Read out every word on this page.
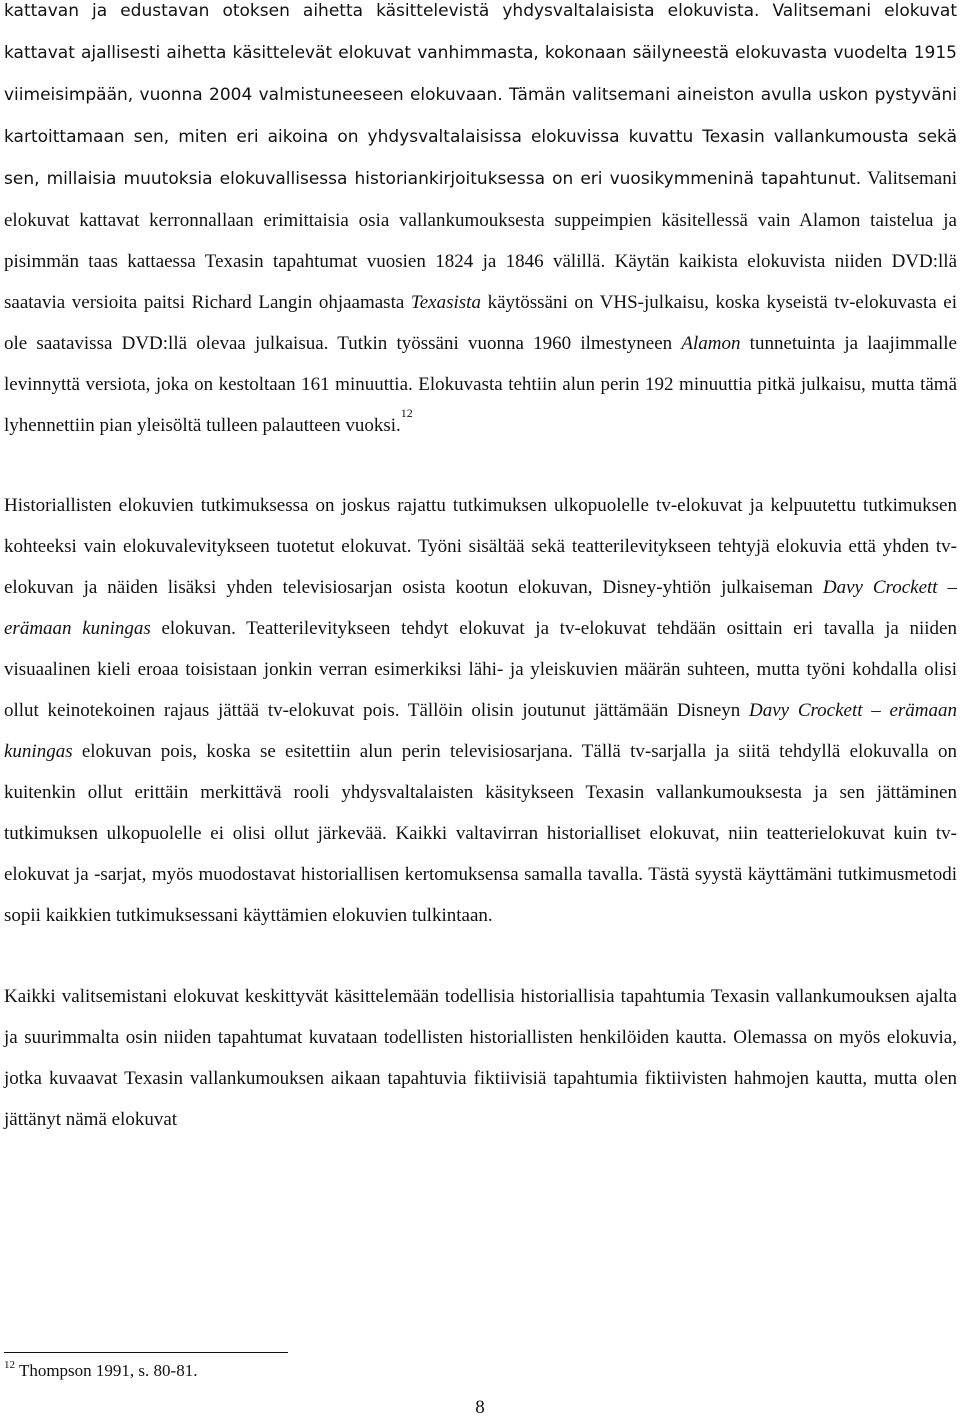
kattavan ja edustavan otoksen aihetta käsittelevistä yhdysvaltalaisista elokuvista. Valitsemani elokuvat kattavat ajallisesti aihetta käsittelevät elokuvat vanhimmasta, kokonaan säilyneestä elokuvasta vuodelta 1915 viimeisimpään, vuonna 2004 valmistuneeseen elokuvaan. Tämän valitsemani aineiston avulla uskon pystyväni kartoittamaan sen, miten eri aikoina on yhdysvaltalaisissa elokuvissa kuvattu Texasin vallankumousta sekä sen, millaisia muutoksia elokuvallisessa historiankirjoituksessa on eri vuosikymmeninä tapahtunut. Valitsemani elokuvat kattavat kerronnallaan erimittaisia osia vallankumouksesta suppeimpien käsitellessä vain Alamon taistelua ja pisimmän taas kattaessa Texasin tapahtumat vuosien 1824 ja 1846 välillä. Käytän kaikista elokuvista niiden DVD:llä saatavia versioita paitsi Richard Langin ohjaamasta Texasista käytössäni on VHS-julkaisu, koska kyseistä tv-elokuvasta ei ole saatavissa DVD:llä olevaa julkaisua. Tutkin työssäni vuonna 1960 ilmestyneen Alamon tunnetuinta ja laajimmalle levinnyttä versiota, joka on kestoltaan 161 minuuttia. Elokuvasta tehtiin alun perin 192 minuuttia pitkä julkaisu, mutta tämä lyhennettiin pian yleisöltä tulleen palautteen vuoksi.$^{12}$

Historiallisten elokuvien tutkimuksessa on joskus rajattu tutkimuksen ulkopuolelle tv-elokuvat ja kelpuutettu tutkimuksen kohteeksi vain elokuvalevitykseen tuotetut elokuvat. Työni sisältää sekä teatterilevitykseen tehtyjä elokuvia että yhden tv-elokuvan ja näiden lisäksi yhden televisiosarjan osista kootun elokuvan, Disney-yhtiön julkaiseman Davy Crockett – erämaan kuningas elokuvan. Teatterilevitykseen tehdyt elokuvat ja tv-elokuvat tehdään osittain eri tavalla ja niiden visuaalinen kieli eroaa toisistaan jonkin verran esimerkiksi lähi- ja yleiskuvien määrän suhteen, mutta työni kohdalla olisi ollut keinotekoinen rajaus jättää tv-elokuvat pois. Tällöin olisin joutunut jättämään Disneyn Davy Crockett – erämaan kuningas elokuvan pois, koska se esitettiin alun perin televisiosarjana. Tällä tv-sarjalla ja siitä tehdyllä elokuvalla on kuitenkin ollut erittäin merkittävä rooli yhdysvaltalaisten käsitykseen Texasin vallankumouksesta ja sen jättäminen tutkimuksen ulkopuolelle ei olisi ollut järkevää. Kaikki valtavirran historialliset elokuvat, niin teatterielokuvat kuin tv-elokuvat ja -sarjat, myös muodostavat historiallisen kertomuksensa samalla tavalla. Tästä syystä käyttämäni tutkimusmetodi sopii kaikkien tutkimuksessani käyttämien elokuvien tulkintaan.

Kaikki valitsemistani elokuvat keskittyvät käsittelemään todellisia historiallisia tapahtumia Texasin vallankumouksen ajalta ja suurimmalta osin niiden tapahtumat kuvataan todellisten historiallisten henkilöiden kautta. Olemassa on myös elokuvia, jotka kuvaavat Texasin vallankumouksen aikaan tapahtuvia fiktiivisiä tapahtumia fiktiivisten hahmojen kautta, mutta olen jättänyt nämä elokuvat

$^{12}$ Thompson 1991, s. 80-81.

8
